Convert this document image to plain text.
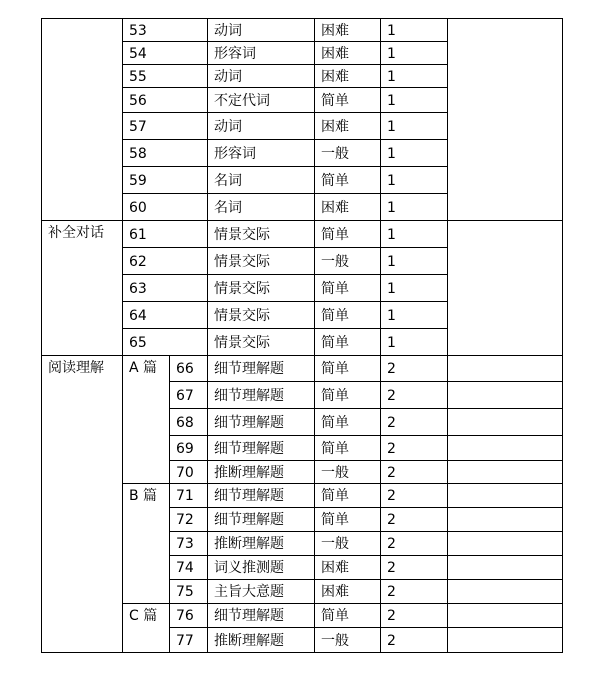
	53		动词	困难	1	
	54		形容词	困难	1	
	55		动词	困难	1	
	56		不定代词	简单	1	
	57		动词	困难	1	
	58		形容词	一般	1	
	59		名词	简单	1	
	60		名词	困难	1	
补全对话	61		情景交际	简单	1	
	62		情景交际	一般	1	
	63		情景交际	简单	1	
	64		情景交际	简单	1	
	65		情景交际	简单	1	
阅读理解	A 篇	66	细节理解题	简单	2	
		67	细节理解题	简单	2	
		68	细节理解题	简单	2	
		69	细节理解题	简单	2	
		70	推断理解题	一般	2	
	B 篇	71	细节理解题	简单	2	
		72	细节理解题	简单	2	
		73	推断理解题	一般	2	
		74	词义推测题	困难	2	
		75	主旨大意题	困难	2	
	C 篇	76	细节理解题	简单	2	
		77	推断理解题	一般	2	
